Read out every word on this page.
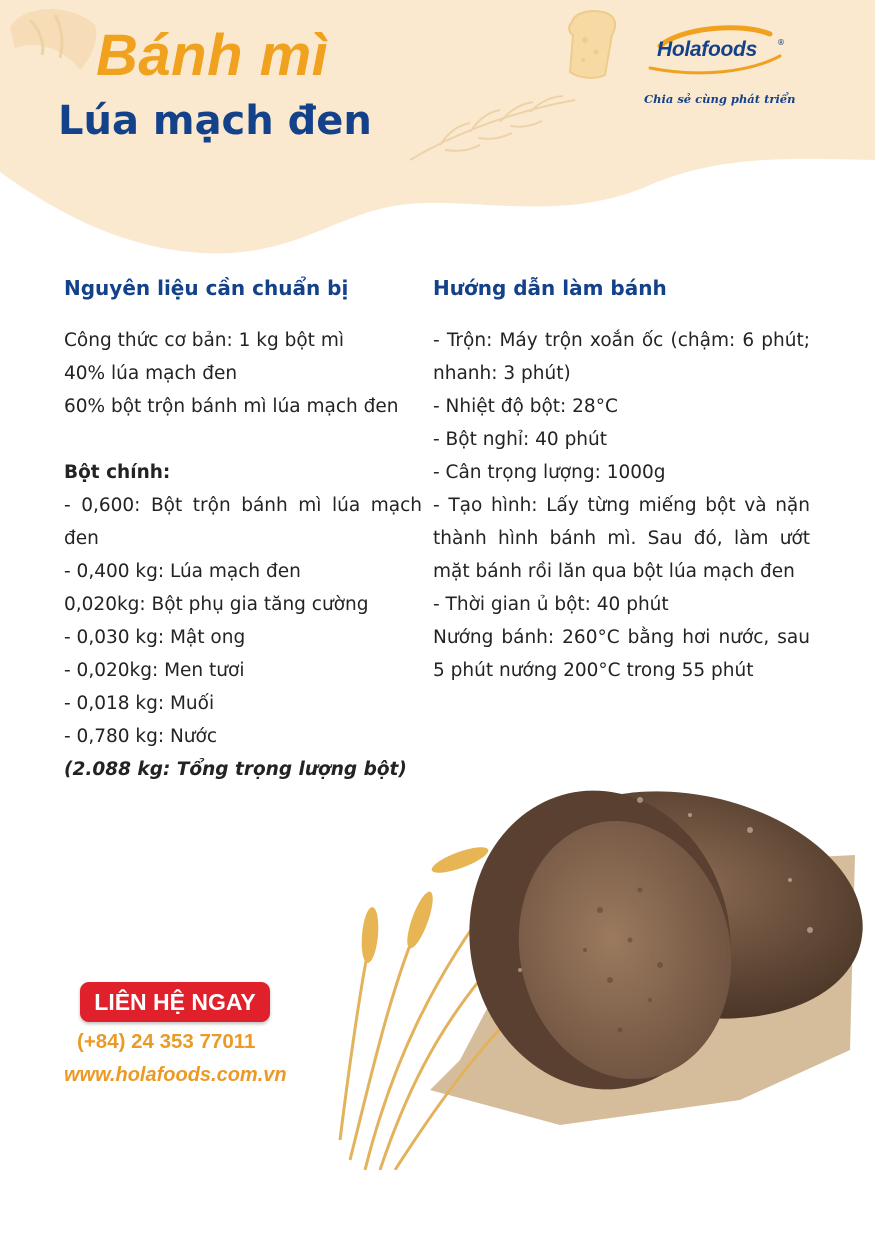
Bánh mì
Lúa mạch đen
Holafoods	®
Chia sẻ cùng phát triển
Nguyên liệu cần chuẩn bị
Công thức cơ bản: 1 kg bột mì
40% lúa mạch đen
60% bột trộn bánh mì lúa mạch đen
Bột chính:
- 0,600: Bột trộn bánh mì lúa mạch đen
- 0,400 kg: Lúa mạch đen
0,020kg: Bột phụ gia tăng cường
- 0,030 kg: Mật ong
- 0,020kg: Men tươi
- 0,018 kg: Muối
- 0,780 kg: Nước
(2.088 kg: Tổng trọng lượng bột)
Hướng dẫn làm bánh
- Trộn: Máy trộn xoắn ốc (chậm: 6 phút; nhanh: 3 phút)
- Nhiệt độ bột: 28°C
- Bột nghỉ: 40 phút
- Cân trọng lượng: 1000g
- Tạo hình: Lấy từng miếng bột và nặn thành hình bánh mì. Sau đó, làm ướt mặt bánh rồi lăn qua bột lúa mạch đen
- Thời gian ủ bột: 40 phút
Nướng bánh: 260°C bằng hơi nước, sau 5 phút nướng 200°C trong 55 phút
LIÊN HỆ NGAY
(+84) 24 353 77011
www.holafoods.com.vn
